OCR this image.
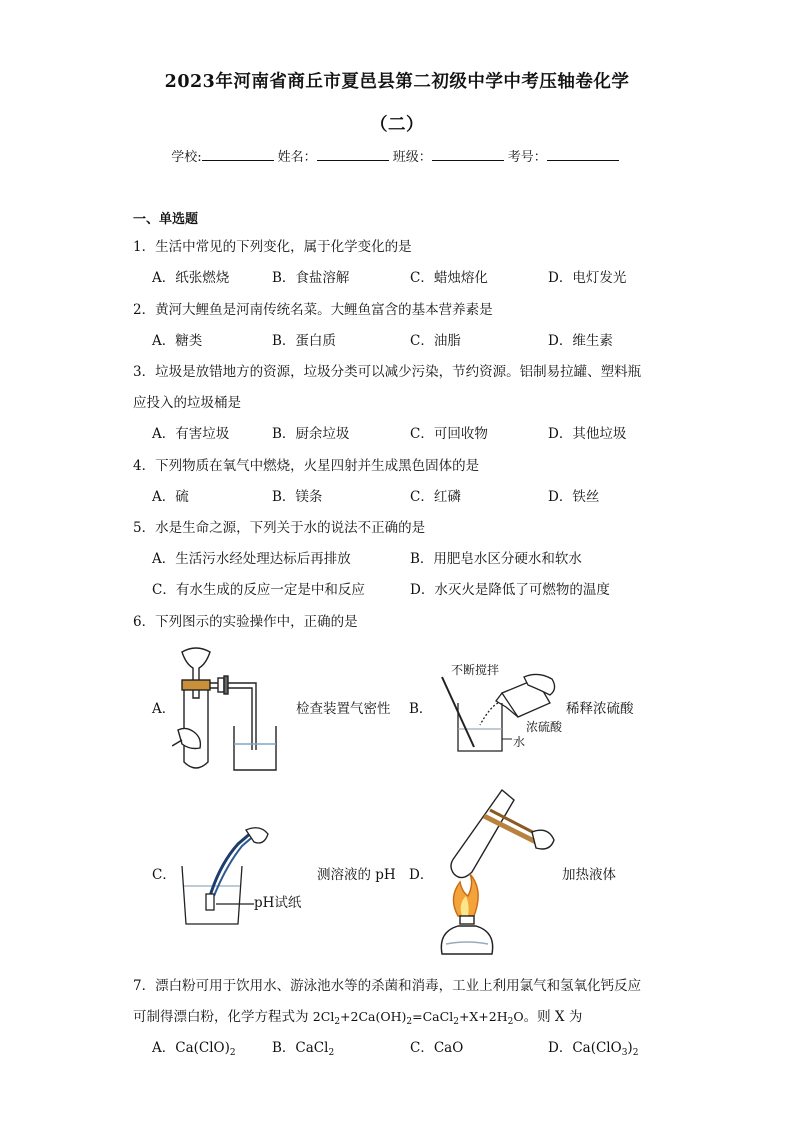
2023年河南省商丘市夏邑县第二初级中学中考压轴卷化学
（二）
学校:	姓名：	班级：	考号：
一、单选题
1．生活中常见的下列变化，属于化学变化的是
A．纸张燃烧	B．食盐溶解	C．蜡烛熔化	D．电灯发光
2．黄河大鲤鱼是河南传统名菜。大鲤鱼富含的基本营养素是
A．糖类	B．蛋白质	C．油脂	D．维生素
3．垃圾是放错地方的资源，垃圾分类可以减少污染，节约资源。铝制易拉罐、塑料瓶
应投入的垃圾桶是
A．有害垃圾	B．厨余垃圾	C．可回收物	D．其他垃圾
4．下列物质在氧气中燃烧，火星四射并生成黑色固体的是
A．硫	B．镁条	C．红磷	D．铁丝
5．水是生命之源，下列关于水的说法不正确的是
A．生活污水经处理达标后再排放	B．用肥皂水区分硬水和软水
C．有水生成的反应一定是中和反应	D．水灭火是降低了可燃物的温度
6．下列图示的实验操作中，正确的是
A．	检查装置气密性 B．
不断搅拌
浓硫酸
水
稀释浓硫酸
C．
pH试纸
测溶液的 pH D．	加热液体
7．漂白粉可用于饮用水、游泳池水等的杀菌和消毒，工业上利用氯气和氢氧化钙反应
可制得漂白粉，化学方程式为 $2Cl_2+2Ca(OH)_2=CaCl_2+X+2H_2O$。则 X 为
A．$Ca(ClO)_2$	B．CaCl$_2$	C．CaO	D．$Ca(ClO_3)_2$
